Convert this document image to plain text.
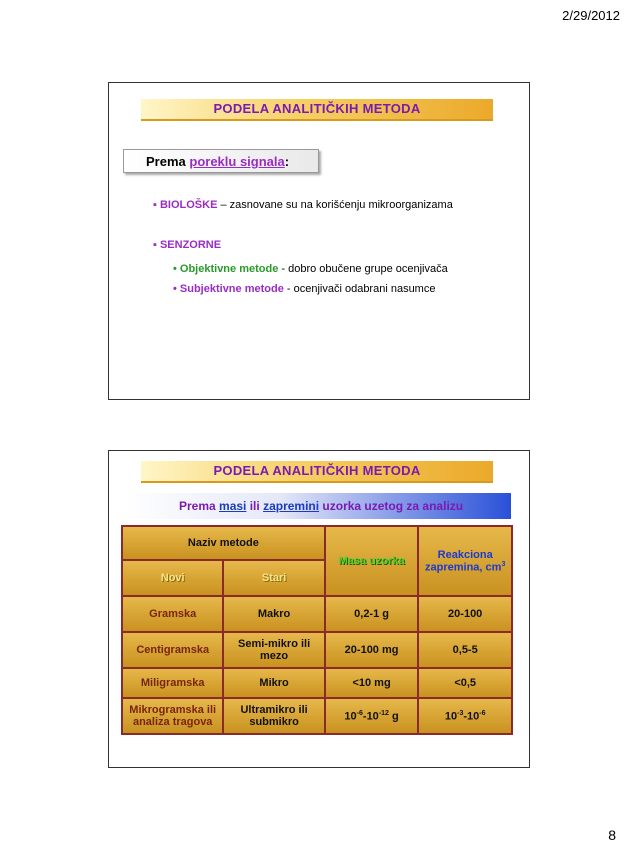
2/29/2012
PODELA ANALITIČKIH METODA
Prema poreklu signala:
▪ BIOLOŠKE – zasnovane su na korišćenju mikroorganizama
▪ SENZORNE
• Objektivne metode - dobro obučene grupe ocenjivača
• Subjektivne metode - ocenjivači odabrani nasumce
PODELA ANALITIČKIH METODA
Prema masi ili zapremini uzorka uzetog za analizu
Naziv metode		Masa uzorka	Reakciona
zapremina, $cm^3$
Novi	Stari		
Gramska	Makro	0,2-1 g	20-100
Centigramska	Semi-mikro ili mezo	20-100 mg	0,5-5
Miligramska	Mikro	<10 mg	<0,5
Mikrogramska ili analiza tragova	Ultramikro ili submikro	$10^{-6}-10^{-12}$ g	$10^{-3}-10^{-6}$
8
